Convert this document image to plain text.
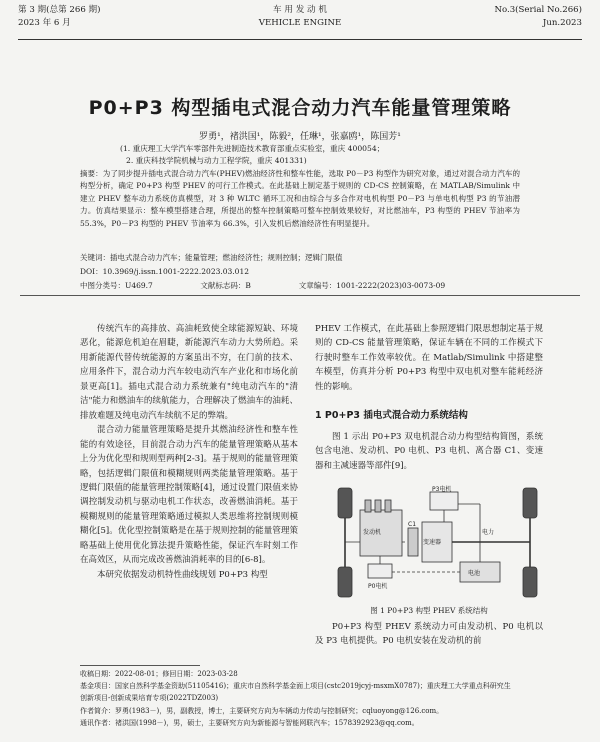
第 3 期(总第 266 期)
2023 年 6 月
车 用 发 动 机
VEHICLE ENGINE
No.3(Serial No.266)
Jun.2023
P0+P3 构型插电式混合动力汽车能量管理策略
罗勇¹，褚洪国¹，陈毅²，任琳¹，张嘉鸥¹，陈国芳¹
(1. 重庆理工大学汽车零部件先进制造技术教育部重点实验室，重庆 400054；
2. 重庆科技学院机械与动力工程学院，重庆 401331)
摘要：为了同步提升插电式混合动力汽车(PHEV)燃油经济性和整车性能，选取 P0－P3 构型作为研究对象，通过对混合动力汽车的构型分析，确定 P0+P3 构型 PHEV 的可行工作模式。在此基础上制定基于规则的 CD-CS 控制策略，在 MATLAB/Simulink 中建立 PHEV 整车动力系统仿真模型，对 3 种 WLTC 循环工况和由综合与多合作对电机构型 P0－P3 与单电机构型 P3 的节油潜力。仿真结果显示：整车模型搭建合理，所提出的整车控制策略可整车控制效果较好，对比燃油车，P3 构型的 PHEV 节油率为 55.3%，P0－P3 构型的 PHEV 节油率为 66.3%，引入发机后燃油经济性有明显提升。
关键词：插电式混合动力汽车；能量管理；燃油经济性；规则控制；逻辑门限值
DOI：10.3969/j.issn.1001-2222.2023.03.012
中图分类号：U469.7	文献标志码：B	文章编号：1001-2222(2023)03-0073-09

传统汽车的高排放、高油耗致使全球能源短缺、环境恶化，能源危机迫在眉睫，新能源汽车动力大势所趋。采用新能源代替传统能源的方案虽出不穷，在门前的技术、应用条件下，混合动力汽车较电动汽车产业化和市场化前景更高[1]。插电式混合动力系统兼有"纯电动汽车的"清洁"能力和燃油车的续航能力，合理解决了燃油车的油耗、排放难题及纯电动汽车续航不足的弊端。

混合动力能量管理策略是提升其燃油经济性和整车性能的有效途径，目前混合动力汽车的能量管理策略从基本上分为优化型和规则型两种[2-3]。基于规则的能量管理策略，包括逻辑门限值和模糊规则两类能量管理策略。基于逻辑门限值的能量管理控制策略[4]，通过设置门限值来协调控制发动机与驱动电机工作状态，改善燃油消耗。基于模糊规则的能量管理策略通过模拟人类思维将控制规则模糊化[5]。优化型控制策略是在基于规则控制的能量管理策略基础上使用优化算法提升策略性能，保证汽车时刻工作在高效区，从而完成改善燃油消耗率的目的[6-8]。

本研究依据发动机特性曲线规划 P0+P3 构型

PHEV 工作模式，在此基础上参照逻辑门限思想制定基于规则的 CD-CS 能量管理策略，保证车辆在不同的工作模式下行驶时整车工作效率较优。在 Matlab/Simulink 中搭建整车模型，仿真并分析 P0+P3 构型中双电机对整车能耗经济性的影响。

1 P0+P3 插电式混合动力系统结构

图 1 示出 P0+P3 双电机混合动力构型结构简图，系统包含电池、发动机、P0 电机、P3 电机、离合器 C1、变速器和主减速器等部件[9]。

P0电机
发动机
C1
变速器
P3电机
电池
电力
图 1 P0+P3 构型 PHEV 系统结构

P0+P3 构型 PHEV 系统动力可由发动机、P0 电机以及 P3 电机提供。P0 电机安装在发动机的前

收稿日期：2022-08-01；修回日期：2023-03-28
基金项目：国家自然科学基金资助(51105416)；重庆市自然科学基金面上项目(cstc2019jcyj-msxmX0787)；重庆理工大学重点科研究生
创新项目-创新成果培育专项(2022TDZ003)
作者简介：罗勇(1983－)，男，副教授，博士，主要研究方向为车辆动力传动与控制研究；cqluoyong@126.com。
通讯作者：褚洪国(1998－)，男，硕士，主要研究方向为新能源与智能网联汽车；1578392923@qq.com。
